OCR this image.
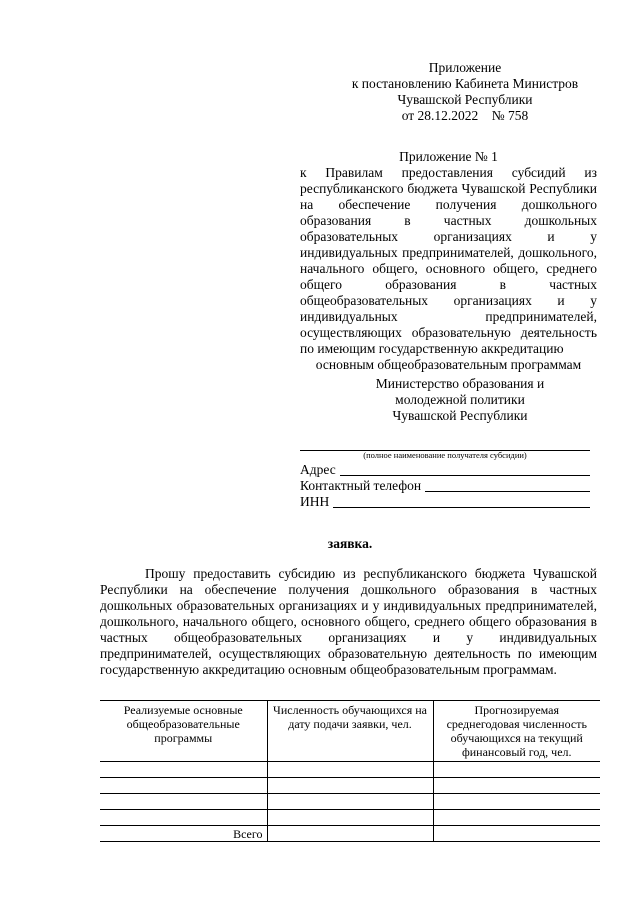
Приложение
к постановлению Кабинета Министров
Чувашской Республики
от 28.12.2022    № 758
Приложение № 1
к Правилам предоставления субсидий из республиканского бюджета Чувашской Республики на обеспечение получения дошкольного образования в частных дошкольных образовательных организациях и у индивидуальных предпринимателей, дошкольного, начального общего, основного общего, среднего общего образования в частных общеобразовательных организациях и у индивидуальных предпринимателей, осуществляющих образовательную деятельность по имеющим государственную аккредитацию
основным общеобразовательным программам
Министерство образования и
молодежной политики
Чувашской Республики
(полное наименование получателя субсидии)
Адрес
Контактный телефон
ИНН
заявка.

Прошу предоставить субсидию из республиканского бюджета Чувашской Республики на обеспечение получения дошкольного образования в частных дошкольных образовательных организациях и у индивидуальных предпринимателей, дошкольного, начального общего, основного общего, среднего общего образования в частных общеобразовательных организациях и у индивидуальных предпринимателей, осуществляющих образовательную деятельность по имеющим государственную аккредитацию основным общеобразовательным программам.

Реализуемые основные общеобразовательные программы	Численность обучающихся на дату подачи заявки, чел.	Прогнозируемая среднегодовая численность обучающихся на текущий финансовый год, чел.

Всего		
